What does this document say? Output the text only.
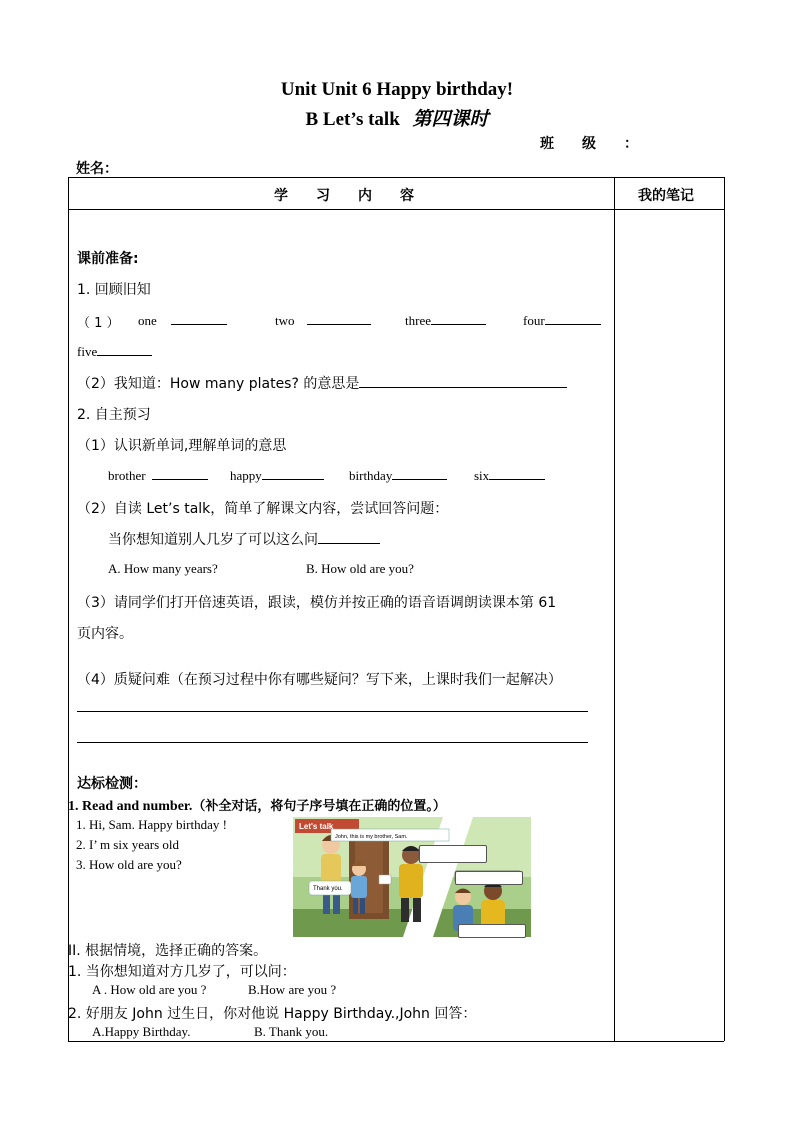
Unit Unit 6 Happy birthday!
B Let’s talk 第四课时
班　　级　　：
姓名：
学　　习　　内　　容	我的笔记
课前准备:
1. 回顾旧知
（ 1 ） one	two	three	four
five
（2）我知道：How many plates? 的意思是
2. 自主预习
（1）认识新单词,理解单词的意思
brother	happy	birthday	six
（2）自读 Let’s talk，简单了解课文内容，尝试回答问题：
当你想知道别人几岁了可以这么问
A. How many years?	B. How old are you?
（3）请同学们打开倍速英语，跟读，模仿并按正确的语音语调朗读课本第 61
页内容。
（4）质疑问难（在预习过程中你有哪些疑问？写下来，上课时我们一起解决）
达标检测：
1. Read and number.（补全对话，将句子序号填在正确的位置。）
1. Hi, Sam. Happy birthday !
2. I’ m six years old
3. How old are you?
Let's talk
John, this is my brother, Sam.
Thank you.
II. 根据情境，选择正确的答案。
1. 当你想知道对方几岁了，可以问：
A . How old are you ?	B.How are you ?
2. 好朋友 John 过生日，你对他说 Happy Birthday.,John 回答：
A.Happy Birthday.	B. Thank you.
